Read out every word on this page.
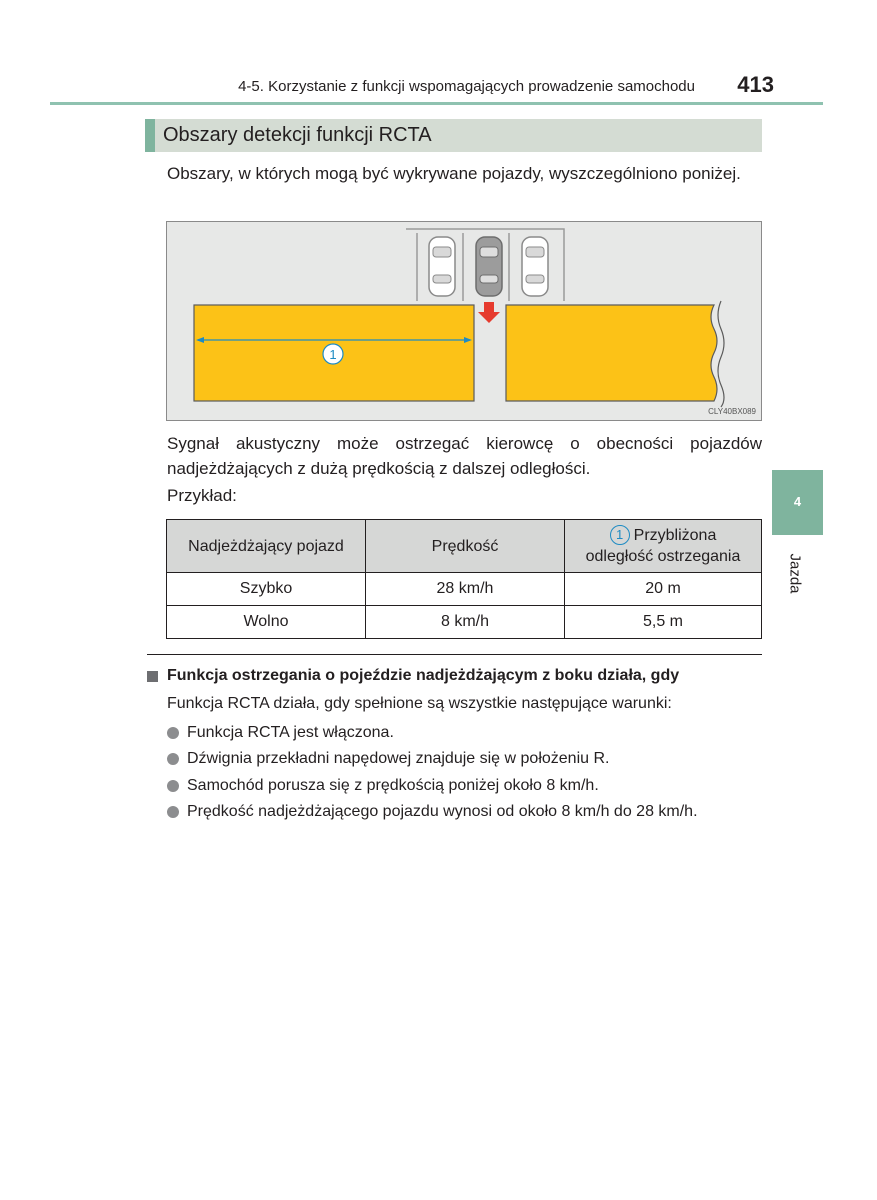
4-5. Korzystanie z funkcji wspomagających prowadzenie samochodu	413
Obszary detekcji funkcji RCTA
Obszary, w których mogą być wykrywane pojazdy, wyszczególniono poniżej.
1
CLY40BX089
Sygnał akustyczny może ostrzegać kierowcę o obecności pojazdów nadjeżdżających z dużą prędkością z dalszej odległości.
Przykład:
Nadjeżdżający pojazd	Prędkość	1 Przybliżona
odległość ostrzegania
Szybko	28 km/h	20 m
Wolno	8 km/h	5,5 m
Funkcja ostrzegania o pojeździe nadjeżdżającym z boku działa, gdy
Funkcja RCTA działa, gdy spełnione są wszystkie następujące warunki:
Funkcja RCTA jest włączona.
Dźwignia przekładni napędowej znajduje się w położeniu R.
Samochód porusza się z prędkością poniżej około 8 km/h.
Prędkość nadjeżdżającego pojazdu wynosi od około 8 km/h do 28 km/h.
4
Jazda
